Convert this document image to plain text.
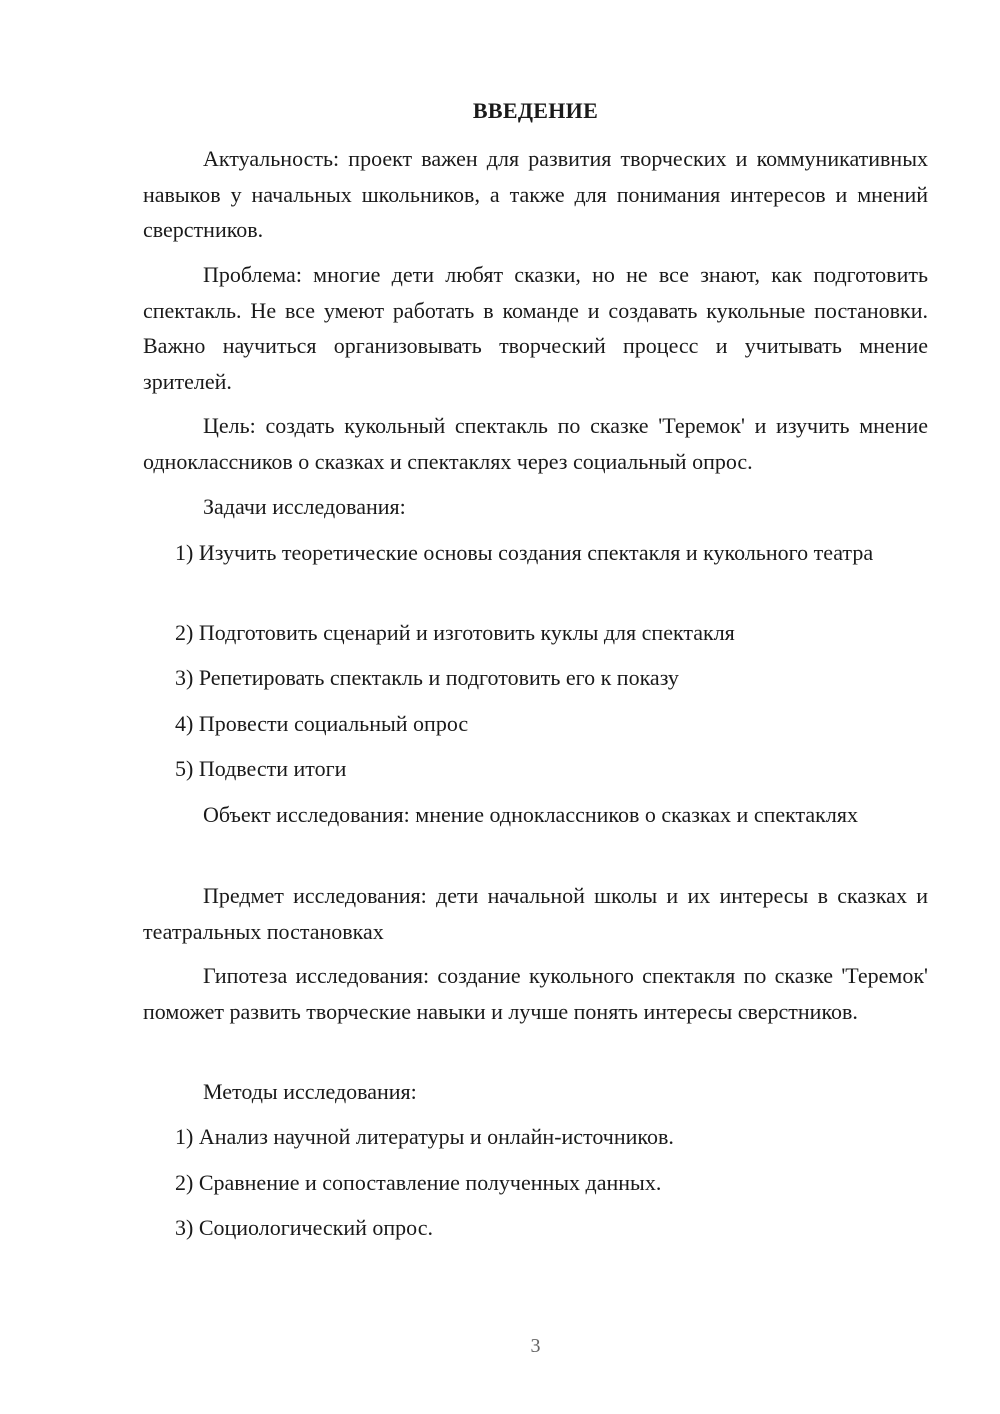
ВВЕДЕНИЕ

Актуальность: проект важен для развития творческих и коммуникативных навыков у начальных школьников, а также для понимания интересов и мнений сверстников.

Проблема: многие дети любят сказки, но не все знают, как подготовить спектакль. Не все умеют работать в команде и создавать кукольные постановки. Важно научиться организовывать творческий процесс и учитывать мнение зрителей.

Цель: создать кукольный спектакль по сказке 'Теремок' и изучить мнение одноклассников о сказках и спектаклях через социальный опрос.

Задачи исследования:

1) Изучить теоретические основы создания спектакля и кукольного театра

2) Подготовить сценарий и изготовить куклы для спектакля

3) Репетировать спектакль и подготовить его к показу

4) Провести социальный опрос

5) Подвести итоги

Объект исследования: мнение одноклассников о сказках и спектаклях

Предмет исследования: дети начальной школы и их интересы в сказках и театральных постановках

Гипотеза исследования: создание кукольного спектакля по сказке 'Теремок' поможет развить творческие навыки и лучше понять интересы сверстников.

Методы исследования:

1) Анализ научной литературы и онлайн-источников.

2) Сравнение и сопоставление полученных данных.

3) Социологический опрос.

3
